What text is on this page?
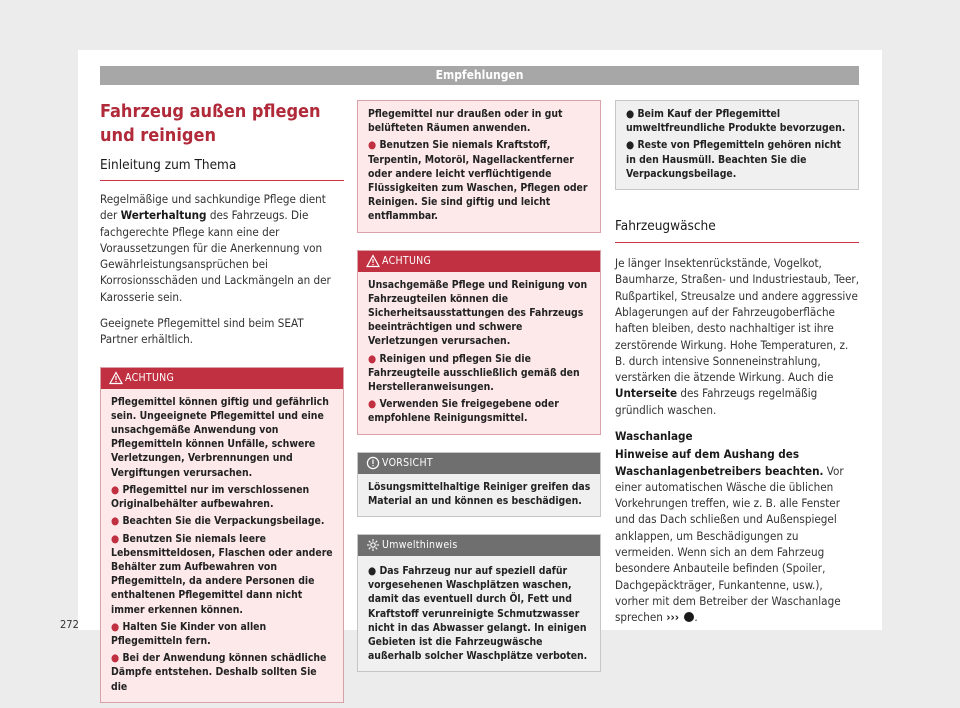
Empfehlungen
Fahrzeug außen pflegen und reinigen
Einleitung zum Thema

Regelmäßige und sachkundige Pflege dient der Werterhaltung des Fahrzeugs. Die fachgerechte Pflege kann eine der Voraussetzungen für die Anerkennung von Gewährleistungsansprüchen bei Korrosionsschäden und Lackmängeln an der Karosserie sein.

Geeignete Pflegemittel sind beim SEAT Partner erhältlich.

ACHTUNG
Pflegemittel können giftig und gefährlich sein. Ungeeignete Pflegemittel und eine unsachgemäße Anwendung von Pflegemitteln können Unfälle, schwere Verletzungen, Verbrennungen und Vergiftungen verursachen.
● Pflegemittel nur im verschlossenen Originalbehälter aufbewahren.
● Beachten Sie die Verpackungsbeilage.
● Benutzen Sie niemals leere Lebensmitteldosen, Flaschen oder andere Behälter zum Aufbewahren von Pflegemitteln, da andere Personen die enthaltenen Pflegemittel dann nicht immer erkennen können.
● Halten Sie Kinder von allen Pflegemitteln fern.
● Bei der Anwendung können schädliche Dämpfe entstehen. Deshalb sollten Sie die
Pflegemittel nur draußen oder in gut belüfteten Räumen anwenden.
● Benutzen Sie niemals Kraftstoff, Terpentin, Motoröl, Nagellackentferner oder andere leicht verflüchtigende Flüssigkeiten zum Waschen, Pflegen oder Reinigen. Sie sind giftig und leicht entflammbar.
ACHTUNG
Unsachgemäße Pflege und Reinigung von Fahrzeugteilen können die Sicherheitsausstattungen des Fahrzeugs beeinträchtigen und schwere Verletzungen verursachen.
● Reinigen und pflegen Sie die Fahrzeugteile ausschließlich gemäß den Herstelleranweisungen.
● Verwenden Sie freigegebene oder empfohlene Reinigungsmittel.
VORSICHT
Lösungsmittelhaltige Reiniger greifen das Material an und können es beschädigen.
Umwelthinweis
● Das Fahrzeug nur auf speziell dafür vorgesehenen Waschplätzen waschen, damit das eventuell durch Öl, Fett und Kraftstoff verunreinigte Schmutzwasser nicht in das Abwasser gelangt. In einigen Gebieten ist die Fahrzeugwäsche außerhalb solcher Waschplätze verboten.
● Beim Kauf der Pflegemittel umweltfreundliche Produkte bevorzugen.
● Reste von Pflegemitteln gehören nicht in den Hausmüll. Beachten Sie die Verpackungsbeilage.
Fahrzeugwäsche

Je länger Insektenrückstände, Vogelkot, Baumharze, Straßen- und Industriestaub, Teer, Rußpartikel, Streusalze und andere aggressive Ablagerungen auf der Fahrzeugoberfläche haften bleiben, desto nachhaltiger ist ihre zerstörende Wirkung. Hohe Temperaturen, z. B. durch intensive Sonneneinstrahlung, verstärken die ätzende Wirkung. Auch die Unterseite des Fahrzeugs regelmäßig gründlich waschen.

Waschanlage

Hinweise auf dem Aushang des Waschanlagenbetreibers beachten. Vor einer automatischen Wäsche die üblichen Vorkehrungen treffen, wie z. B. alle Fenster und das Dach schließen und Außenspiegel anklappen, um Beschädigungen zu vermeiden. Wenn sich an dem Fahrzeug besondere Anbauteile befinden (Spoiler, Dachgepäckträger, Funkantenne, usw.), vorher mit dem Betreiber der Waschanlage sprechen ››› .

272
